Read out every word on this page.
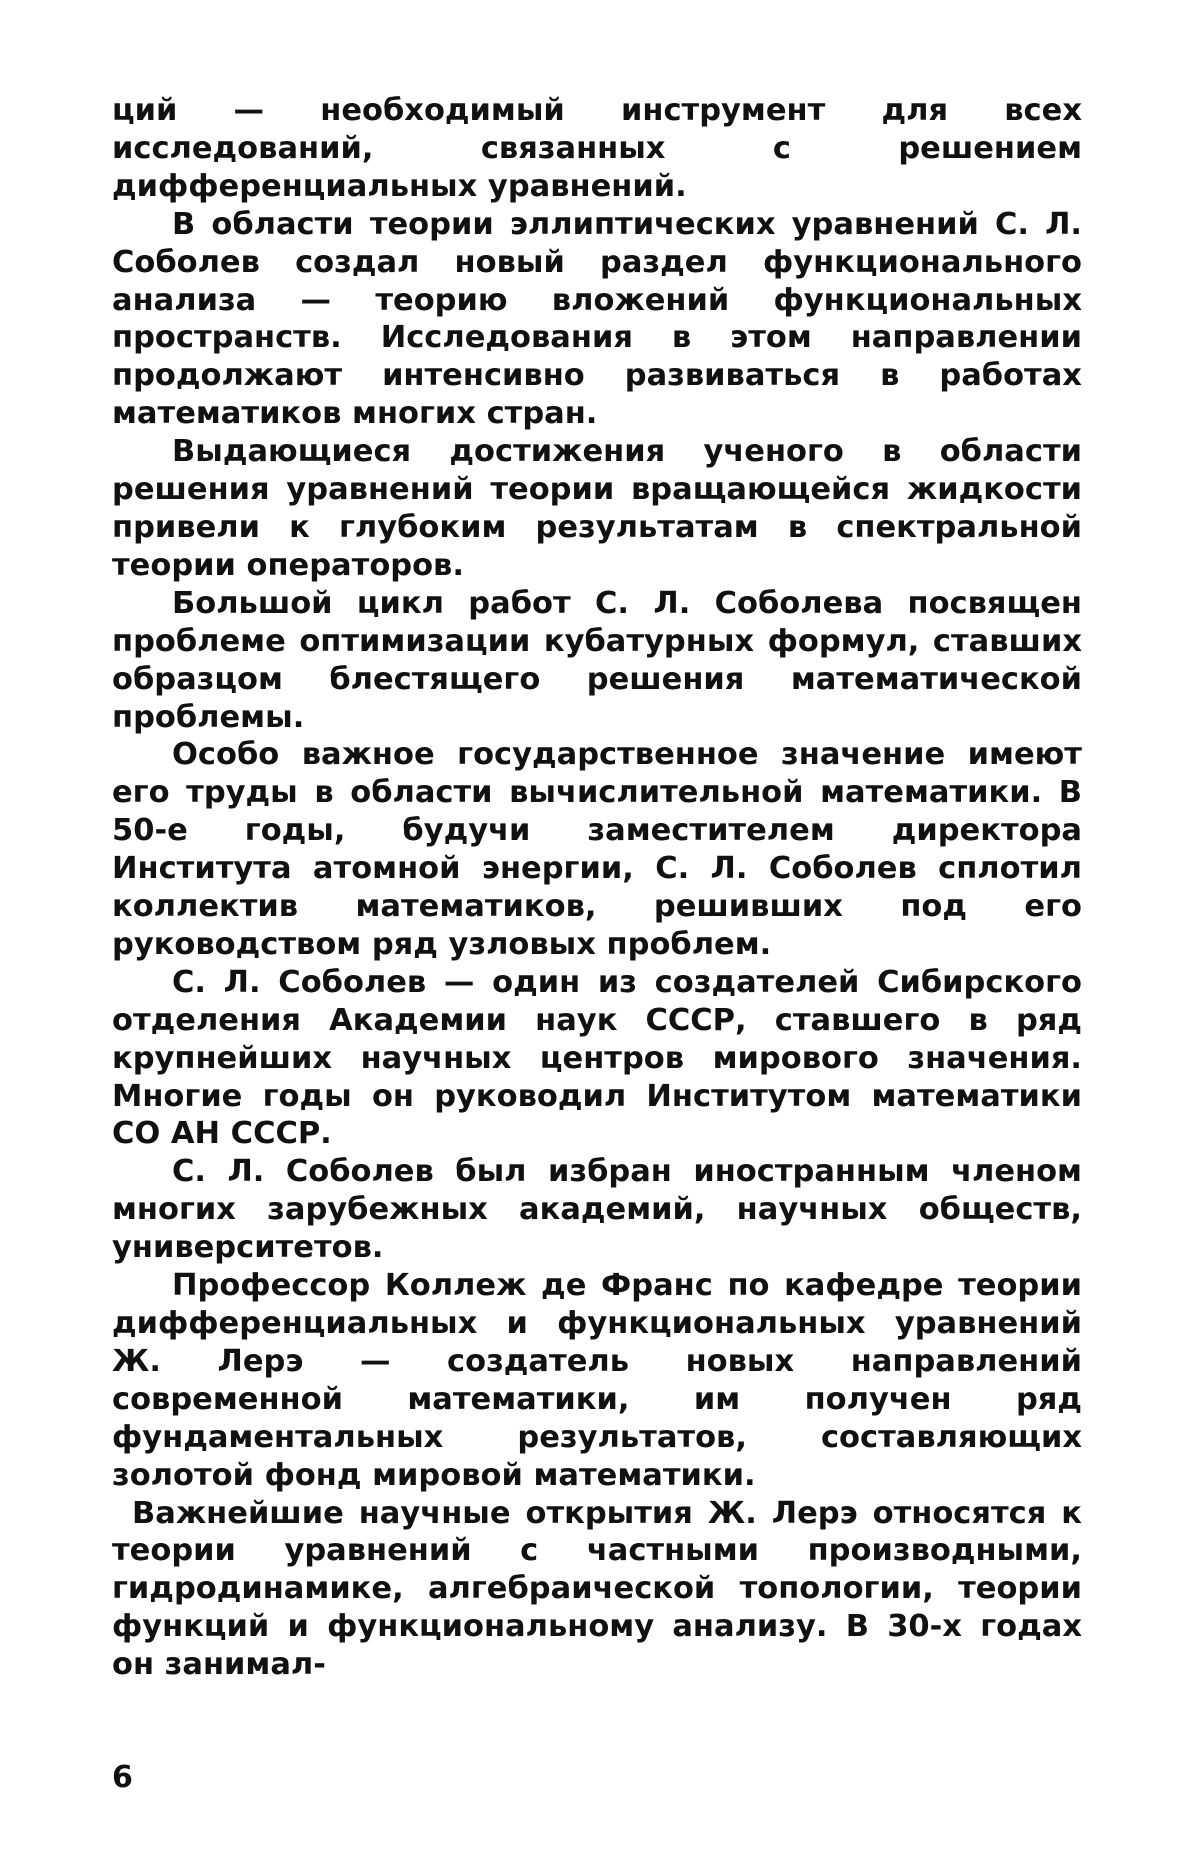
ций — необходимый инструмент для всех исследований, связанных с решением дифференциальных уравнений.

В области теории эллиптических уравнений С. Л. Соболев создал новый раздел функционального анализа — теорию вложений функциональных пространств. Исследования в этом направлении продолжают интенсивно развиваться в работах математиков многих стран.

Выдающиеся достижения ученого в области решения уравнений теории вращающейся жидкости привели к глубоким результатам в спектральной теории операторов.

Большой цикл работ С. Л. Соболева посвящен проблеме оптимизации кубатурных формул, ставших образцом блестящего решения математической проблемы.

Особо важное государственное значение имеют его труды в области вычислительной математики. В 50-е годы, будучи заместителем директора Института атомной энергии, С. Л. Соболев сплотил коллектив математиков, решивших под его руководством ряд узловых проблем.

С. Л. Соболев — один из создателей Сибирского отделения Академии наук СССР, ставшего в ряд крупнейших научных центров мирового значения. Многие годы он руководил Институтом математики СО АН СССР.

С. Л. Соболев был избран иностранным членом многих зарубежных академий, научных обществ, университетов.

Профессор Коллеж де Франс по кафедре теории дифференциальных и функциональных уравнений Ж. Лерэ — создатель новых направлений современной математики, им получен ряд фундаментальных результатов, составляющих золотой фонд мировой математики.

Важнейшие научные открытия Ж. Лерэ относятся к теории уравнений с частными производными, гидродинамике, алгебраической топологии, теории функций и функциональному анализу. В 30-х годах он занимал-

6
